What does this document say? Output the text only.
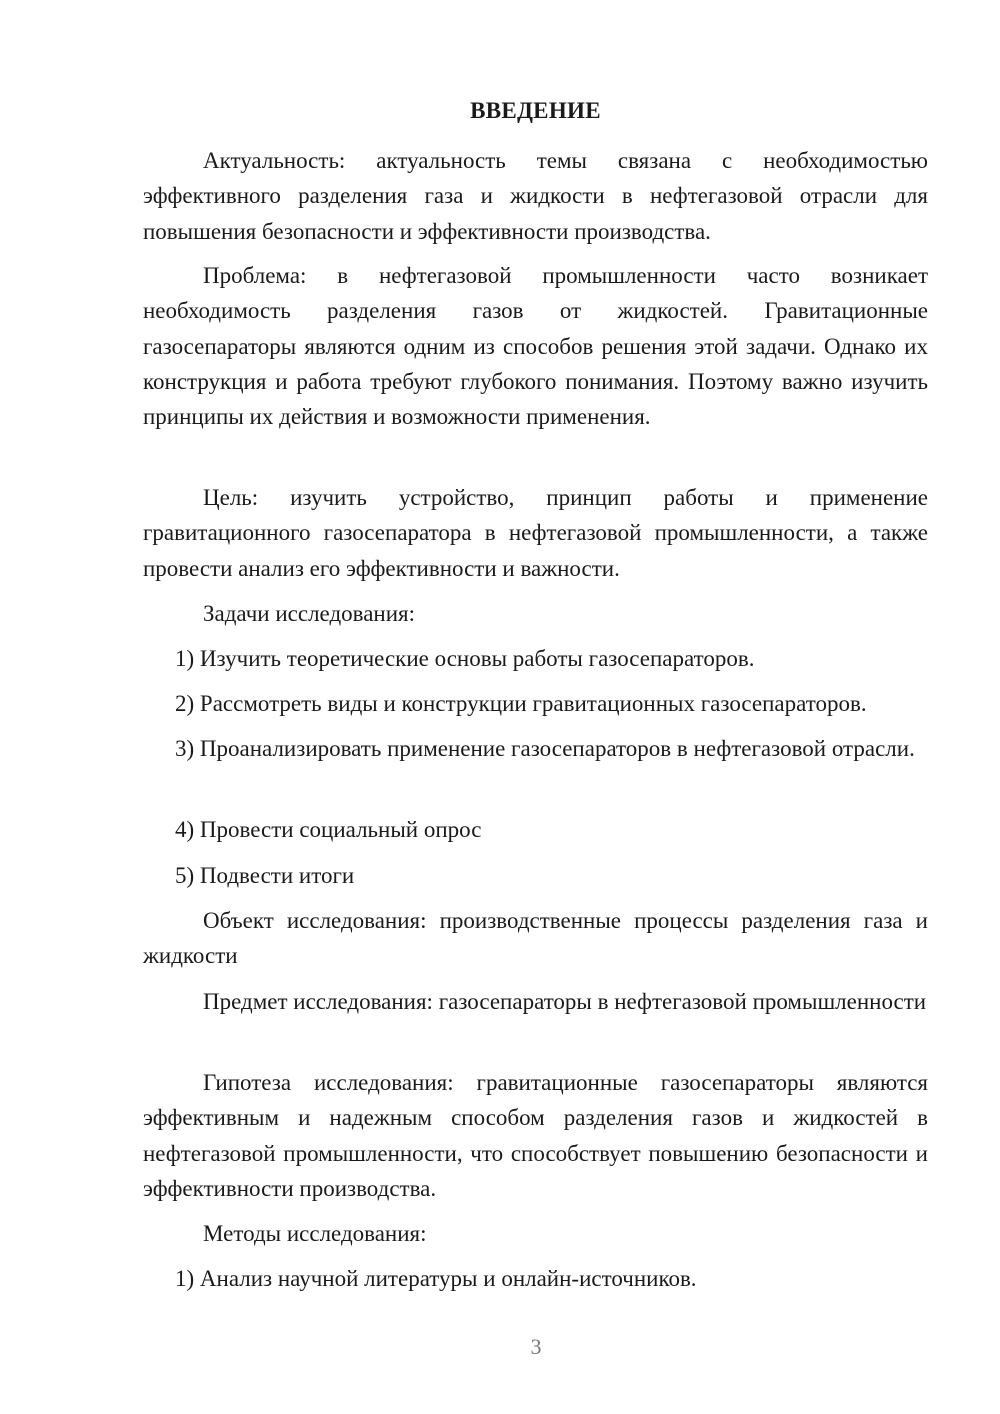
ВВЕДЕНИЕ

Актуальность: актуальность темы связана с необходимостью эффективного разделения газа и жидкости в нефтегазовой отрасли для повышения безопасности и эффективности производства.

Проблема: в нефтегазовой промышленности часто возникает необходимость разделения газов от жидкостей. Гравитационные газосепараторы являются одним из способов решения этой задачи. Однако их конструкция и работа требуют глубокого понимания. Поэтому важно изучить принципы их действия и возможности применения.

Цель: изучить устройство, принцип работы и применение гравитационного газосепаратора в нефтегазовой промышленности, а также провести анализ его эффективности и важности.

Задачи исследования:

1) Изучить теоретические основы работы газосепараторов.

2) Рассмотреть виды и конструкции гравитационных газосепараторов.

3) Проанализировать применение газосепараторов в нефтегазовой отрасли.

4) Провести социальный опрос

5) Подвести итоги

Объект исследования: производственные процессы разделения газа и жидкости

Предмет исследования: газосепараторы в нефтегазовой промышленности

Гипотеза исследования: гравитационные газосепараторы являются эффективным и надежным способом разделения газов и жидкостей в нефтегазовой промышленности, что способствует повышению безопасности и эффективности производства.

Методы исследования:

1) Анализ научной литературы и онлайн-источников.

3
